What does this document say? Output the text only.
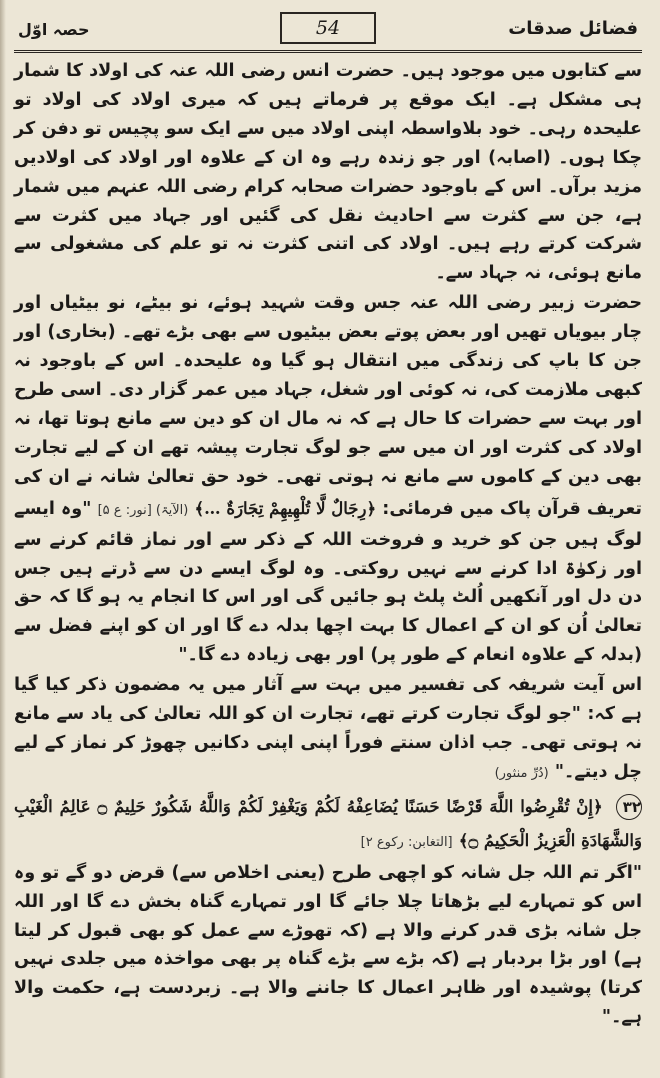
فضائل صدقات
54
حصہ اوّل

سے کتابوں میں موجود ہیں۔ حضرت انس رضی اللہ عنہ کی اولاد کا شمار ہی مشکل ہے۔ ایک موقع پر فرماتے ہیں کہ میری اولاد کی اولاد تو علیحدہ رہی۔ خود بلاواسطہ اپنی اولاد میں سے ایک سو پچیس تو دفن کر چکا ہوں۔ (اصابہ) اور جو زندہ رہے وہ ان کے علاوہ اور اولاد کی اولادیں مزید برآں۔ اس کے باوجود حضرات صحابہ کرام رضی اللہ عنہم میں شمار ہے، جن سے کثرت سے احادیث نقل کی گئیں اور جہاد میں کثرت سے شرکت کرتے رہے ہیں۔ اولاد کی اتنی کثرت نہ تو علم کی مشغولی سے مانع ہوئی، نہ جہاد سے۔

حضرت زبیر رضی اللہ عنہ جس وقت شہید ہوئے، نو بیٹے، نو بیٹیاں اور چار بیویاں تھیں اور بعض پوتے بعض بیٹیوں سے بھی بڑے تھے۔ (بخاری) اور جن کا باپ کی زندگی میں انتقال ہو گیا وہ علیحدہ۔ اس کے باوجود نہ کبھی ملازمت کی، نہ کوئی اور شغل، جہاد میں عمر گزار دی۔ اسی طرح اور بہت سے حضرات کا حال ہے کہ نہ مال ان کو دین سے مانع ہوتا تھا، نہ اولاد کی کثرت اور ان میں سے جو لوگ تجارت پیشہ تھے ان کے لیے تجارت بھی دین کے کاموں سے مانع نہ ہوتی تھی۔ خود حق تعالیٰ شانہ نے ان کی تعریف قرآن پاک میں فرمائی: ﴿رِجَالٌ لَّا تُلْهِيهِمْ تِجَارَةٌ …﴾ (الآیۃ) [نور: ع ۵] "وہ ایسے لوگ ہیں جن کو خرید و فروخت اللہ کے ذکر سے اور نماز قائم کرنے سے اور زکوٰۃ ادا کرنے سے نہیں روکتی۔ وہ لوگ ایسے دن سے ڈرتے ہیں جس دن دل اور آنکھیں اُلٹ پلٹ ہو جائیں گی اور اس کا انجام یہ ہو گا کہ حق تعالیٰ اُن کو ان کے اعمال کا بہت اچھا بدلہ دے گا اور ان کو اپنے فضل سے (بدلہ کے علاوہ انعام کے طور پر) اور بھی زیادہ دے گا۔"

اس آیت شریفہ کی تفسیر میں بہت سے آثار میں یہ مضمون ذکر کیا گیا ہے کہ: "جو لوگ تجارت کرتے تھے، تجارت ان کو اللہ تعالیٰ کی یاد سے مانع نہ ہوتی تھی۔ جب اذان سنتے فوراً اپنی اپنی دکانیں چھوڑ کر نماز کے لیے چل دیتے۔" (دُرِّ منثور)

۳۲ ﴿إِنْ تُقْرِضُوا اللَّهَ قَرْضًا حَسَنًا يُضَاعِفْهُ لَكُمْ وَيَغْفِرْ لَكُمْ وَاللَّهُ شَكُورٌ حَلِيمٌ ۝ عَالِمُ الْغَيْبِ وَالشَّهَادَةِ الْعَزِيزُ الْحَكِيمُ ۝﴾ [التغابن: رکوع ۲]

"اگر تم اللہ جل شانہ کو اچھی طرح (یعنی اخلاص سے) قرض دو گے تو وہ اس کو تمہارے لیے بڑھاتا چلا جائے گا اور تمہارے گناہ بخش دے گا اور اللہ جل شانہ بڑی قدر کرنے والا ہے (کہ تھوڑے سے عمل کو بھی قبول کر لیتا ہے) اور بڑا بردبار ہے (کہ بڑے سے بڑے گناہ پر بھی مواخذہ میں جلدی نہیں کرتا) پوشیدہ اور ظاہر اعمال کا جاننے والا ہے۔ زبردست ہے، حکمت والا ہے۔"
